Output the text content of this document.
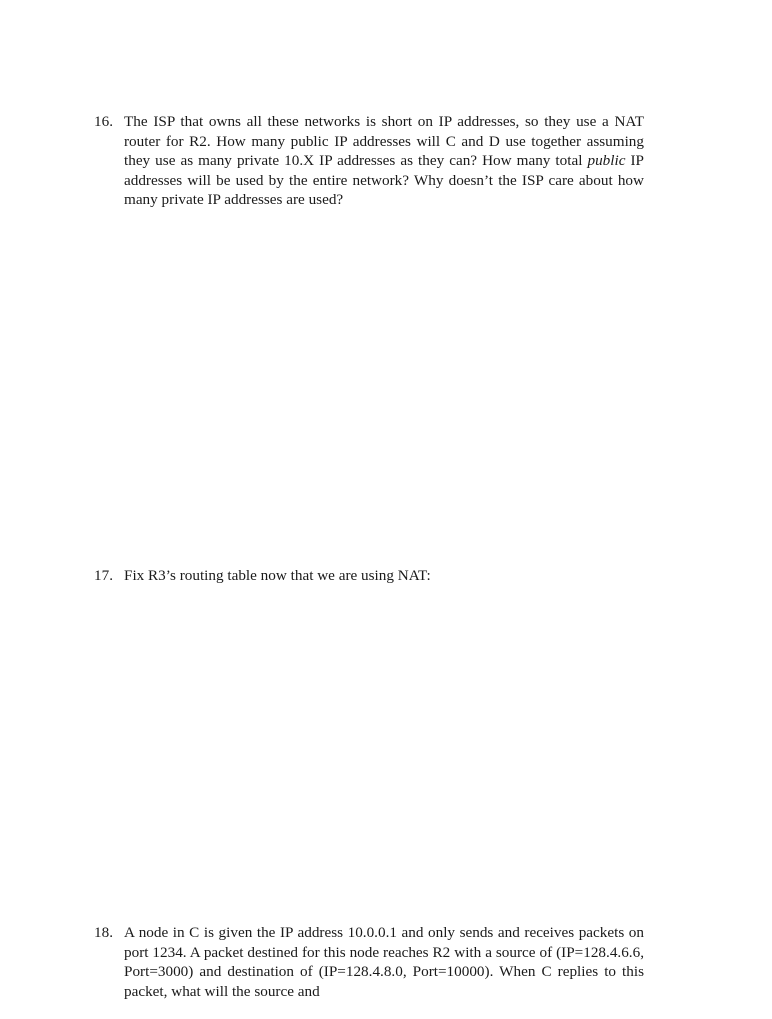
16. The ISP that owns all these networks is short on IP addresses, so they use a NAT router for R2. How many public IP addresses will C and D use together assuming they use as many private 10.X IP addresses as they can? How many total public IP addresses will be used by the entire network? Why doesn’t the ISP care about how many private IP addresses are used?
17. Fix R3’s routing table now that we are using NAT:
18. A node in C is given the IP address 10.0.0.1 and only sends and receives packets on port 1234. A packet destined for this node reaches R2 with a source of (IP=128.4.6.6, Port=3000) and destination of (IP=128.4.8.0, Port=10000). When C replies to this packet, what will the source and
